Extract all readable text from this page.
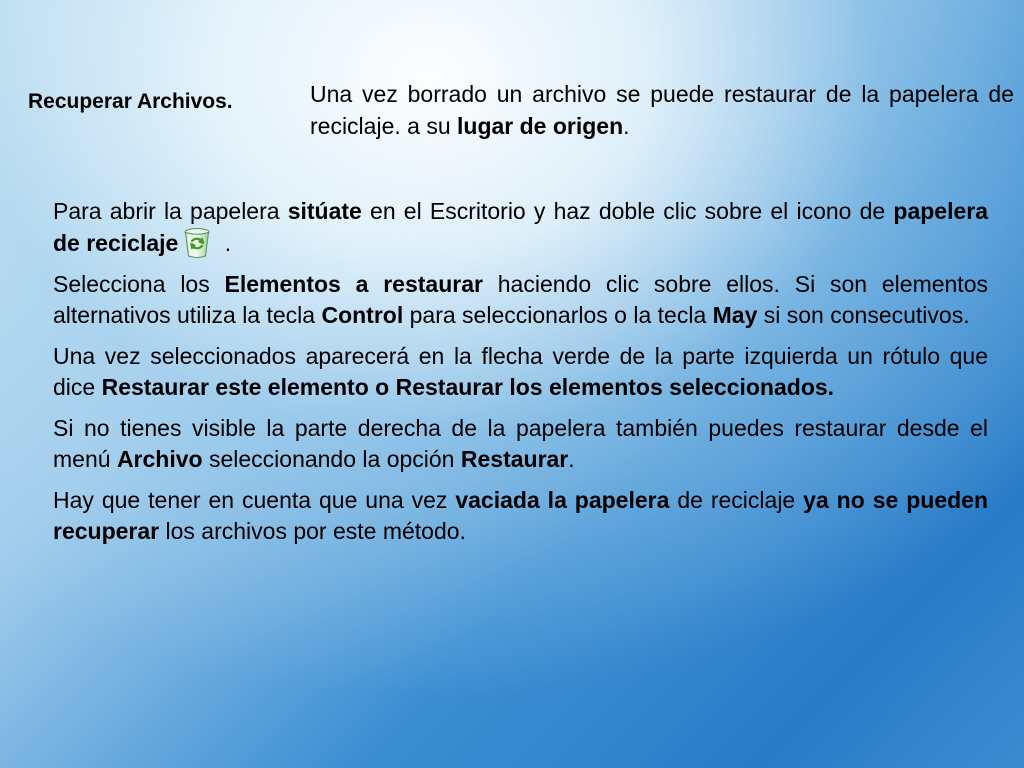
Recuperar Archivos.	Una vez borrado un archivo se puede restaurar de la papelera de reciclaje. a su lugar de origen.

Para abrir la papelera sitúate en el Escritorio y haz doble clic sobre el icono de papelera de reciclaje .

Selecciona los Elementos a restaurar haciendo clic sobre ellos. Si son elementos alternativos utiliza la tecla Control para seleccionarlos o la tecla May si son consecutivos.

Una vez seleccionados aparecerá en la flecha verde de la parte izquierda un rótulo que dice Restaurar este elemento o Restaurar los elementos seleccionados.

Si no tienes visible la parte derecha de la papelera también puedes restaurar desde el menú Archivo seleccionando la opción Restaurar.

Hay que tener en cuenta que una vez vaciada la papelera de reciclaje ya no se pueden recuperar los archivos por este método.
